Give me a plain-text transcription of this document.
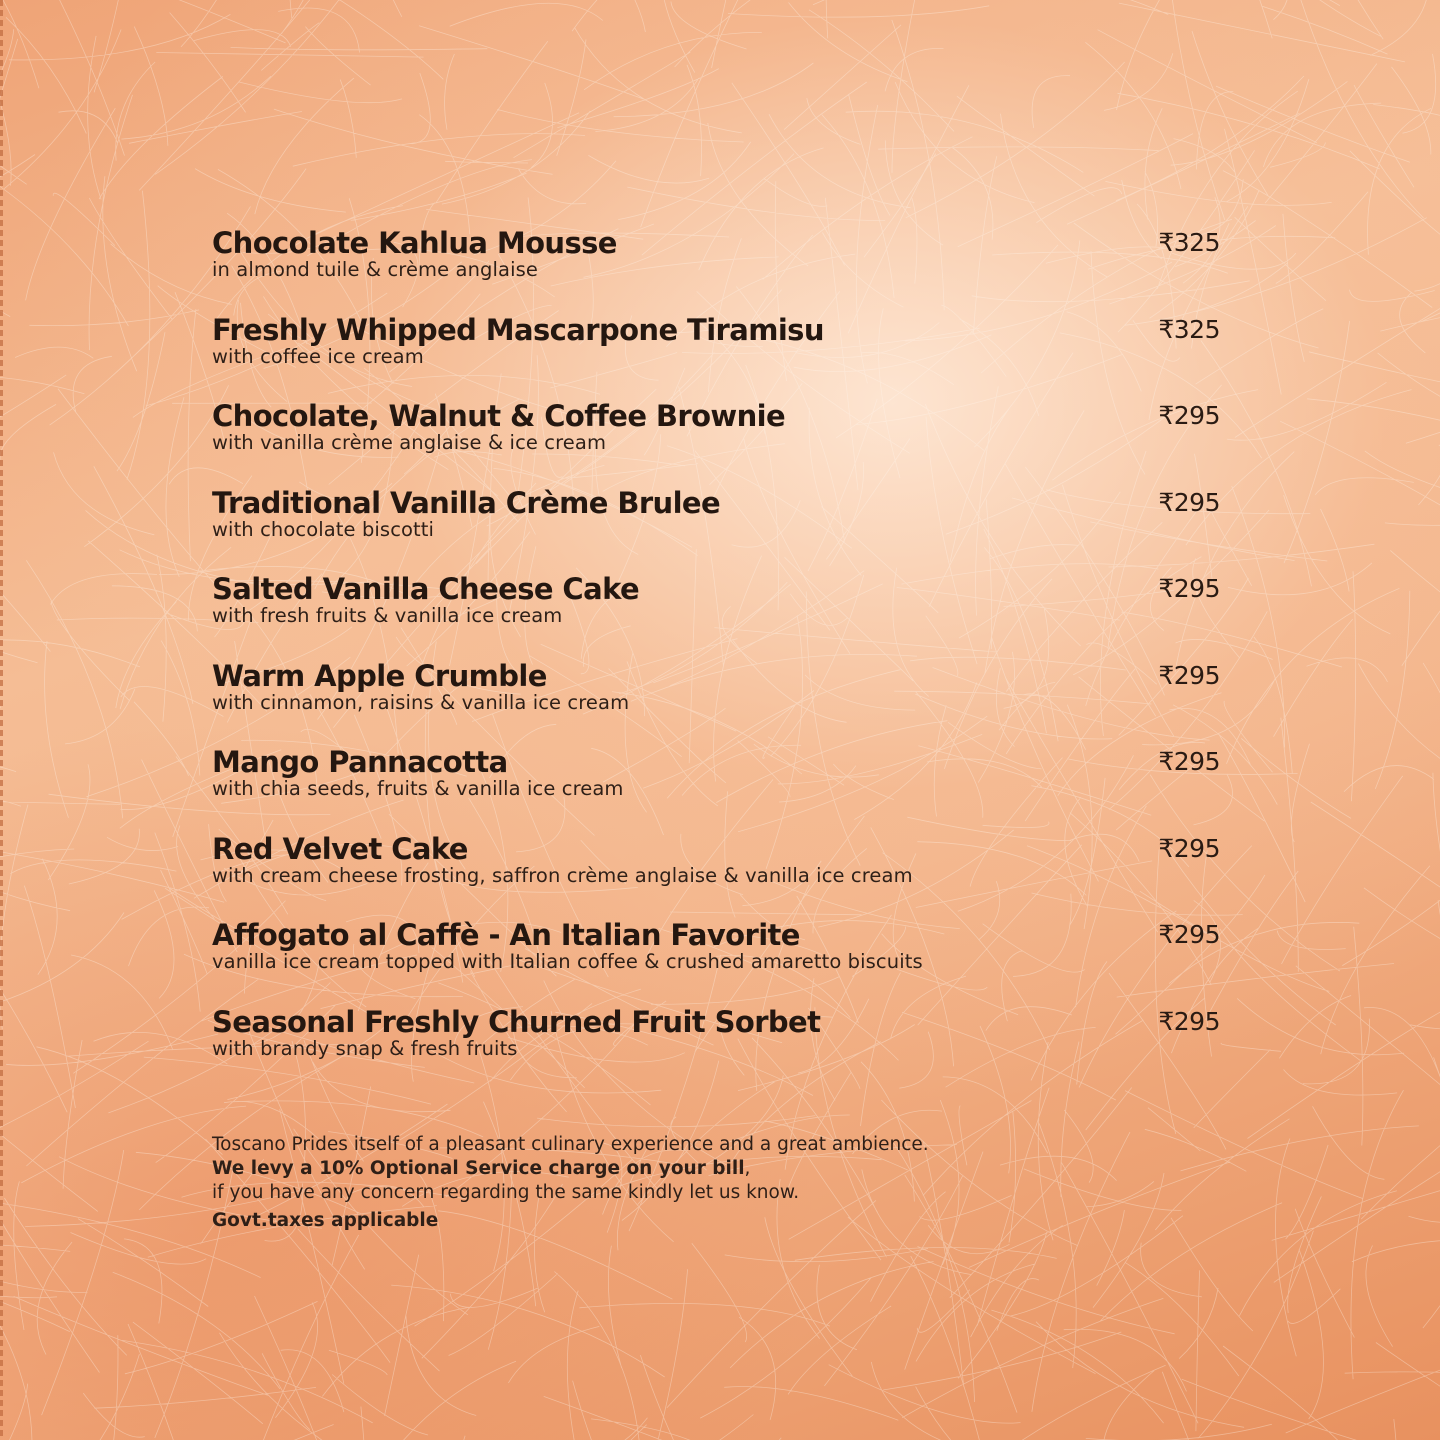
Chocolate Kahlua Mousse
in almond tuile & crème anglaise
₹325
Freshly Whipped Mascarpone Tiramisu
with coffee ice cream
₹325
Chocolate, Walnut & Coffee Brownie
with vanilla crème anglaise & ice cream
₹295
Traditional Vanilla Crème Brulee
with chocolate biscotti
₹295
Salted Vanilla Cheese Cake
with fresh fruits & vanilla ice cream
₹295
Warm Apple Crumble
with cinnamon, raisins & vanilla ice cream
₹295
Mango Pannacotta
with chia seeds, fruits & vanilla ice cream
₹295
Red Velvet Cake
with cream cheese frosting, saffron crème anglaise & vanilla ice cream
₹295
Affogato al Caffè - An Italian Favorite
vanilla ice cream topped with Italian coffee & crushed amaretto biscuits
₹295
Seasonal Freshly Churned Fruit Sorbet
with brandy snap & fresh fruits
₹295
Toscano Prides itself of a pleasant culinary experience and a great ambience.
We levy a 10% Optional Service charge on your bill,
if you have any concern regarding the same kindly let us know.
Govt.taxes applicable
